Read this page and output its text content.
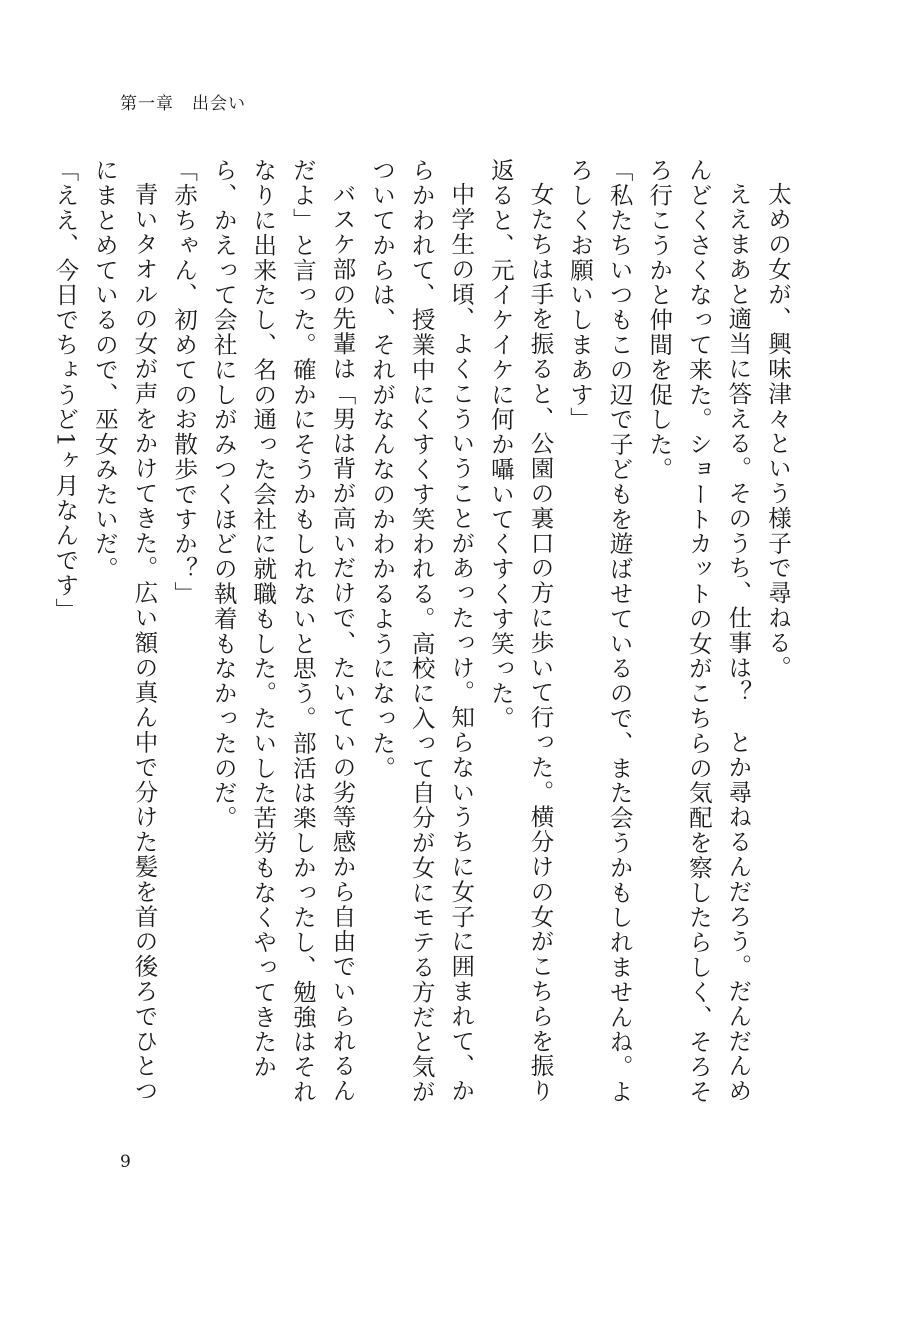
第一章　出会い

太めの女が、興味津々という様子で尋ねる。

ええまあと適当に答える。そのうち、仕事は？　とか尋ねるんだろう。だんだんめんどくさくなって来た。ショートカットの女がこちらの気配を察したらしく、そろそろ行こうかと仲間を促した。

「私たちいつもこの辺で子どもを遊ばせているので、また会うかもしれませんね。よろしくお願いしまあす」

女たちは手を振ると、公園の裏口の方に歩いて行った。横分けの女がこちらを振り返ると、元イケイケに何か囁いてくすくす笑った。

中学生の頃、よくこういうことがあったっけ。知らないうちに女子に囲まれて、からかわれて、授業中にくすくす笑われる。高校に入って自分が女にモテる方だと気がついてからは、それがなんなのかわかるようになった。

バスケ部の先輩は「男は背が高いだけで、たいていの劣等感から自由でいられるんだよ」と言った。確かにそうかもしれないと思う。部活は楽しかったし、勉強はそれなりに出来たし、名の通った会社に就職もした。たいした苦労もなくやってきたから、かえって会社にしがみつくほどの執着もなかったのだ。

「赤ちゃん、初めてのお散歩ですか？」

青いタオルの女が声をかけてきた。広い額の真ん中で分けた髪を首の後ろでひとつにまとめているので、巫女みたいだ。

「ええ、今日でちょうど1ヶ月なんです」

9
